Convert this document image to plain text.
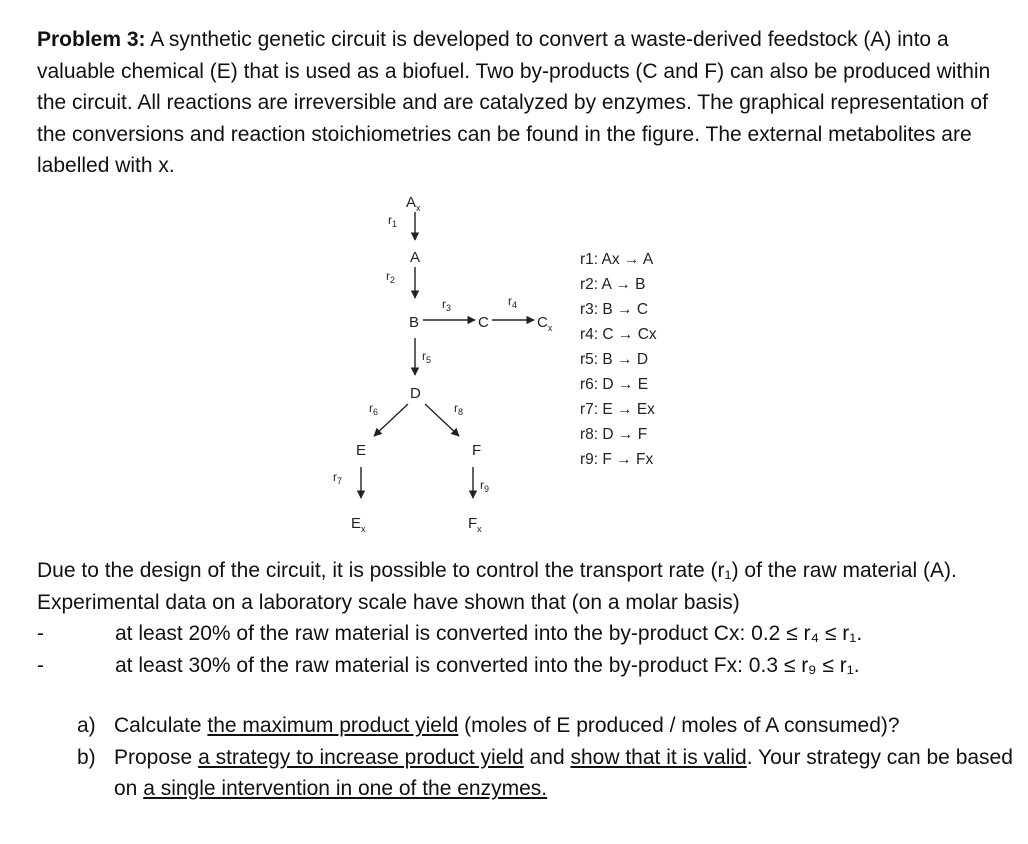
Problem 3: A synthetic genetic circuit is developed to convert a waste-derived feedstock (A) into a valuable chemical (E) that is used as a biofuel. Two by-products (C and F) can also be produced within the circuit. All reactions are irreversible and are catalyzed by enzymes. The graphical representation of the conversions and reaction stoichiometries can be found in the figure. The external metabolites are labelled with x.

$A_x$
$r_1$
A
$r_2$
B
$r_3$
C
$r_4$
$C_x$
$r_5$
D
$r_6$	$r_8$
E	F
$r_7$	$r_9$
$E_x$	$F_x$
r1: Ax → A
r2: A → B
r3: B → C
r4: C → Cx
r5: B → D
r6: D → E
r7: E → Ex
r8: D → F
r9: F → Fx

Due to the design of the circuit, it is possible to control the transport rate (r₁) of the raw material (A). Experimental data on a laboratory scale have shown that (on a molar basis)

-	at least 20% of the raw material is converted into the by-product Cx: 0.2 ≤ r₄ ≤ r₁.
-	at least 30% of the raw material is converted into the by-product Fx: 0.3 ≤ r₉ ≤ r₁.
a) Calculate the maximum product yield (moles of E produced / moles of A consumed)?
b) Propose a strategy to increase product yield and show that it is valid. Your strategy can be based on a single intervention in one of the enzymes.
